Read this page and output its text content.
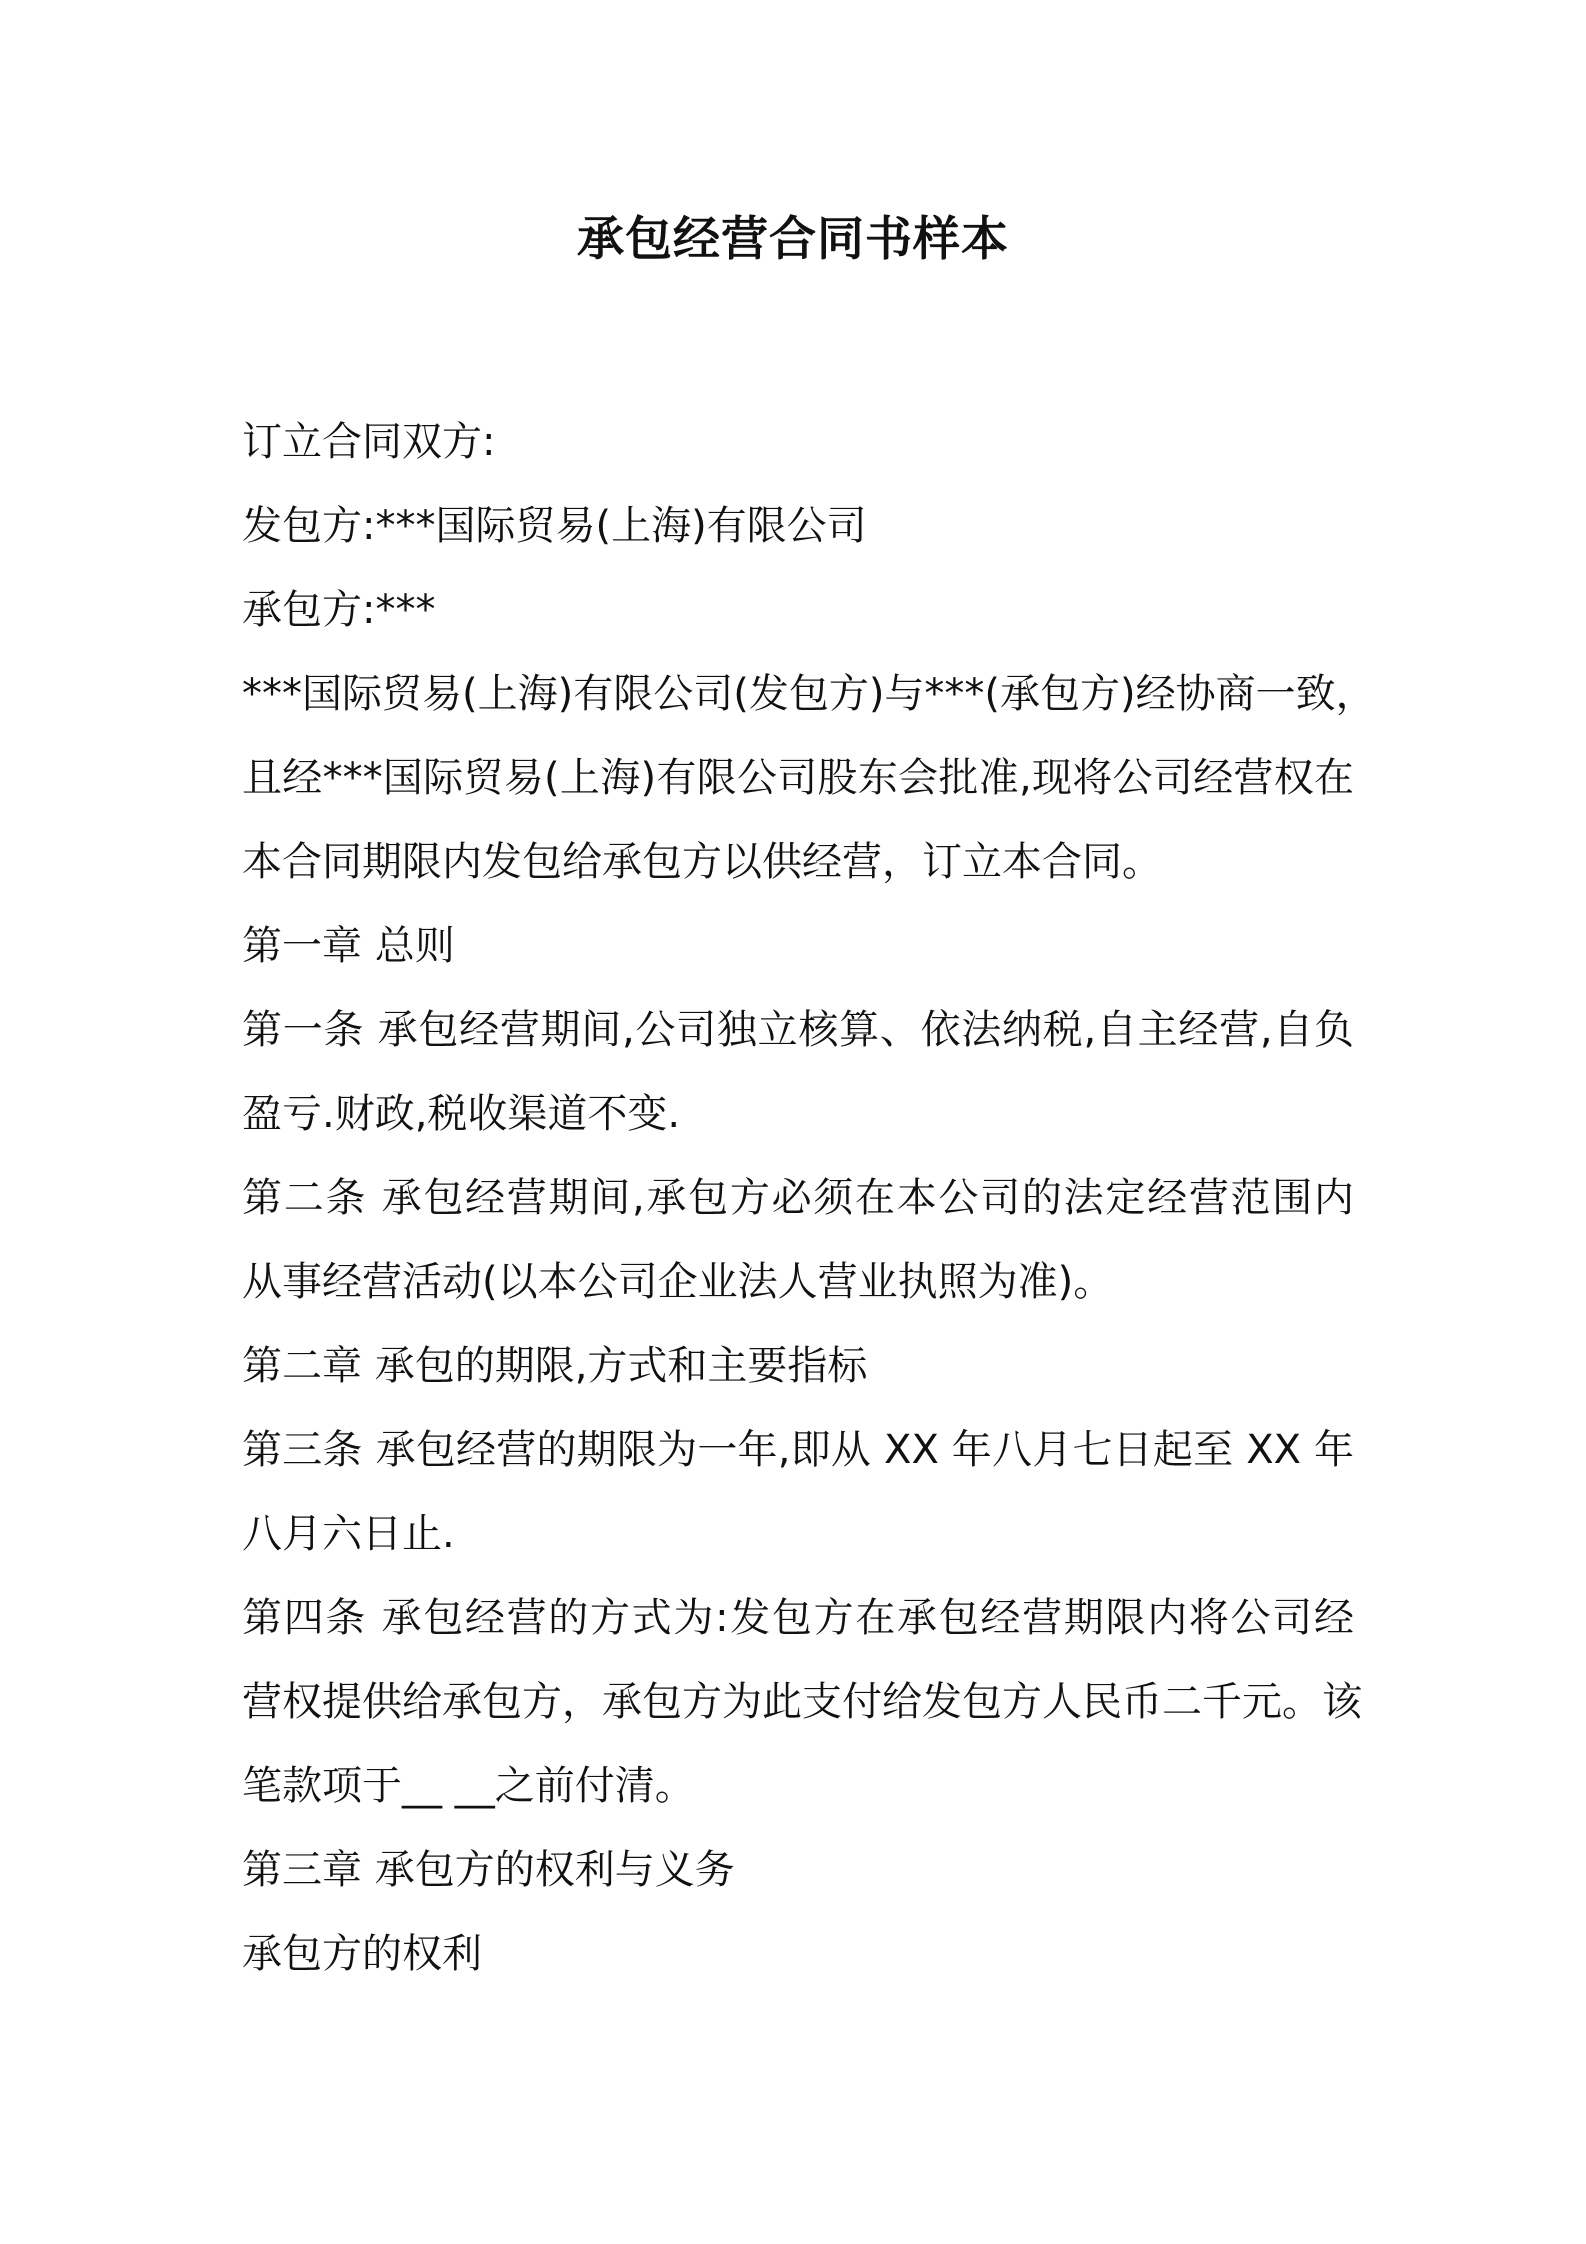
承包经营合同书样本
订立合同双方:
发包方:***国际贸易(上海)有限公司
承包方:***
***国际贸易(上海)有限公司(发包方)与***(承包方)经协商一致，
且经***国际贸易(上海)有限公司股东会批准,现将公司经营权在
本合同期限内发包给承包方以供经营，订立本合同。
第一章 总则
第一条 承包经营期间,公司独立核算、依法纳税,自主经营,自负
盈亏.财政,税收渠道不变.
第二条 承包经营期间,承包方必须在本公司的法定经营范围内
从事经营活动(以本公司企业法人营业执照为准)。
第二章 承包的期限,方式和主要指标
第三条 承包经营的期限为一年,即从 XX 年八月七日起至 XX 年
八月六日止.
第四条 承包经营的方式为:发包方在承包经营期限内将公司经
营权提供给承包方，承包方为此支付给发包方人民币二千元。该
笔款项于__ __之前付清。
第三章 承包方的权利与义务
承包方的权利
